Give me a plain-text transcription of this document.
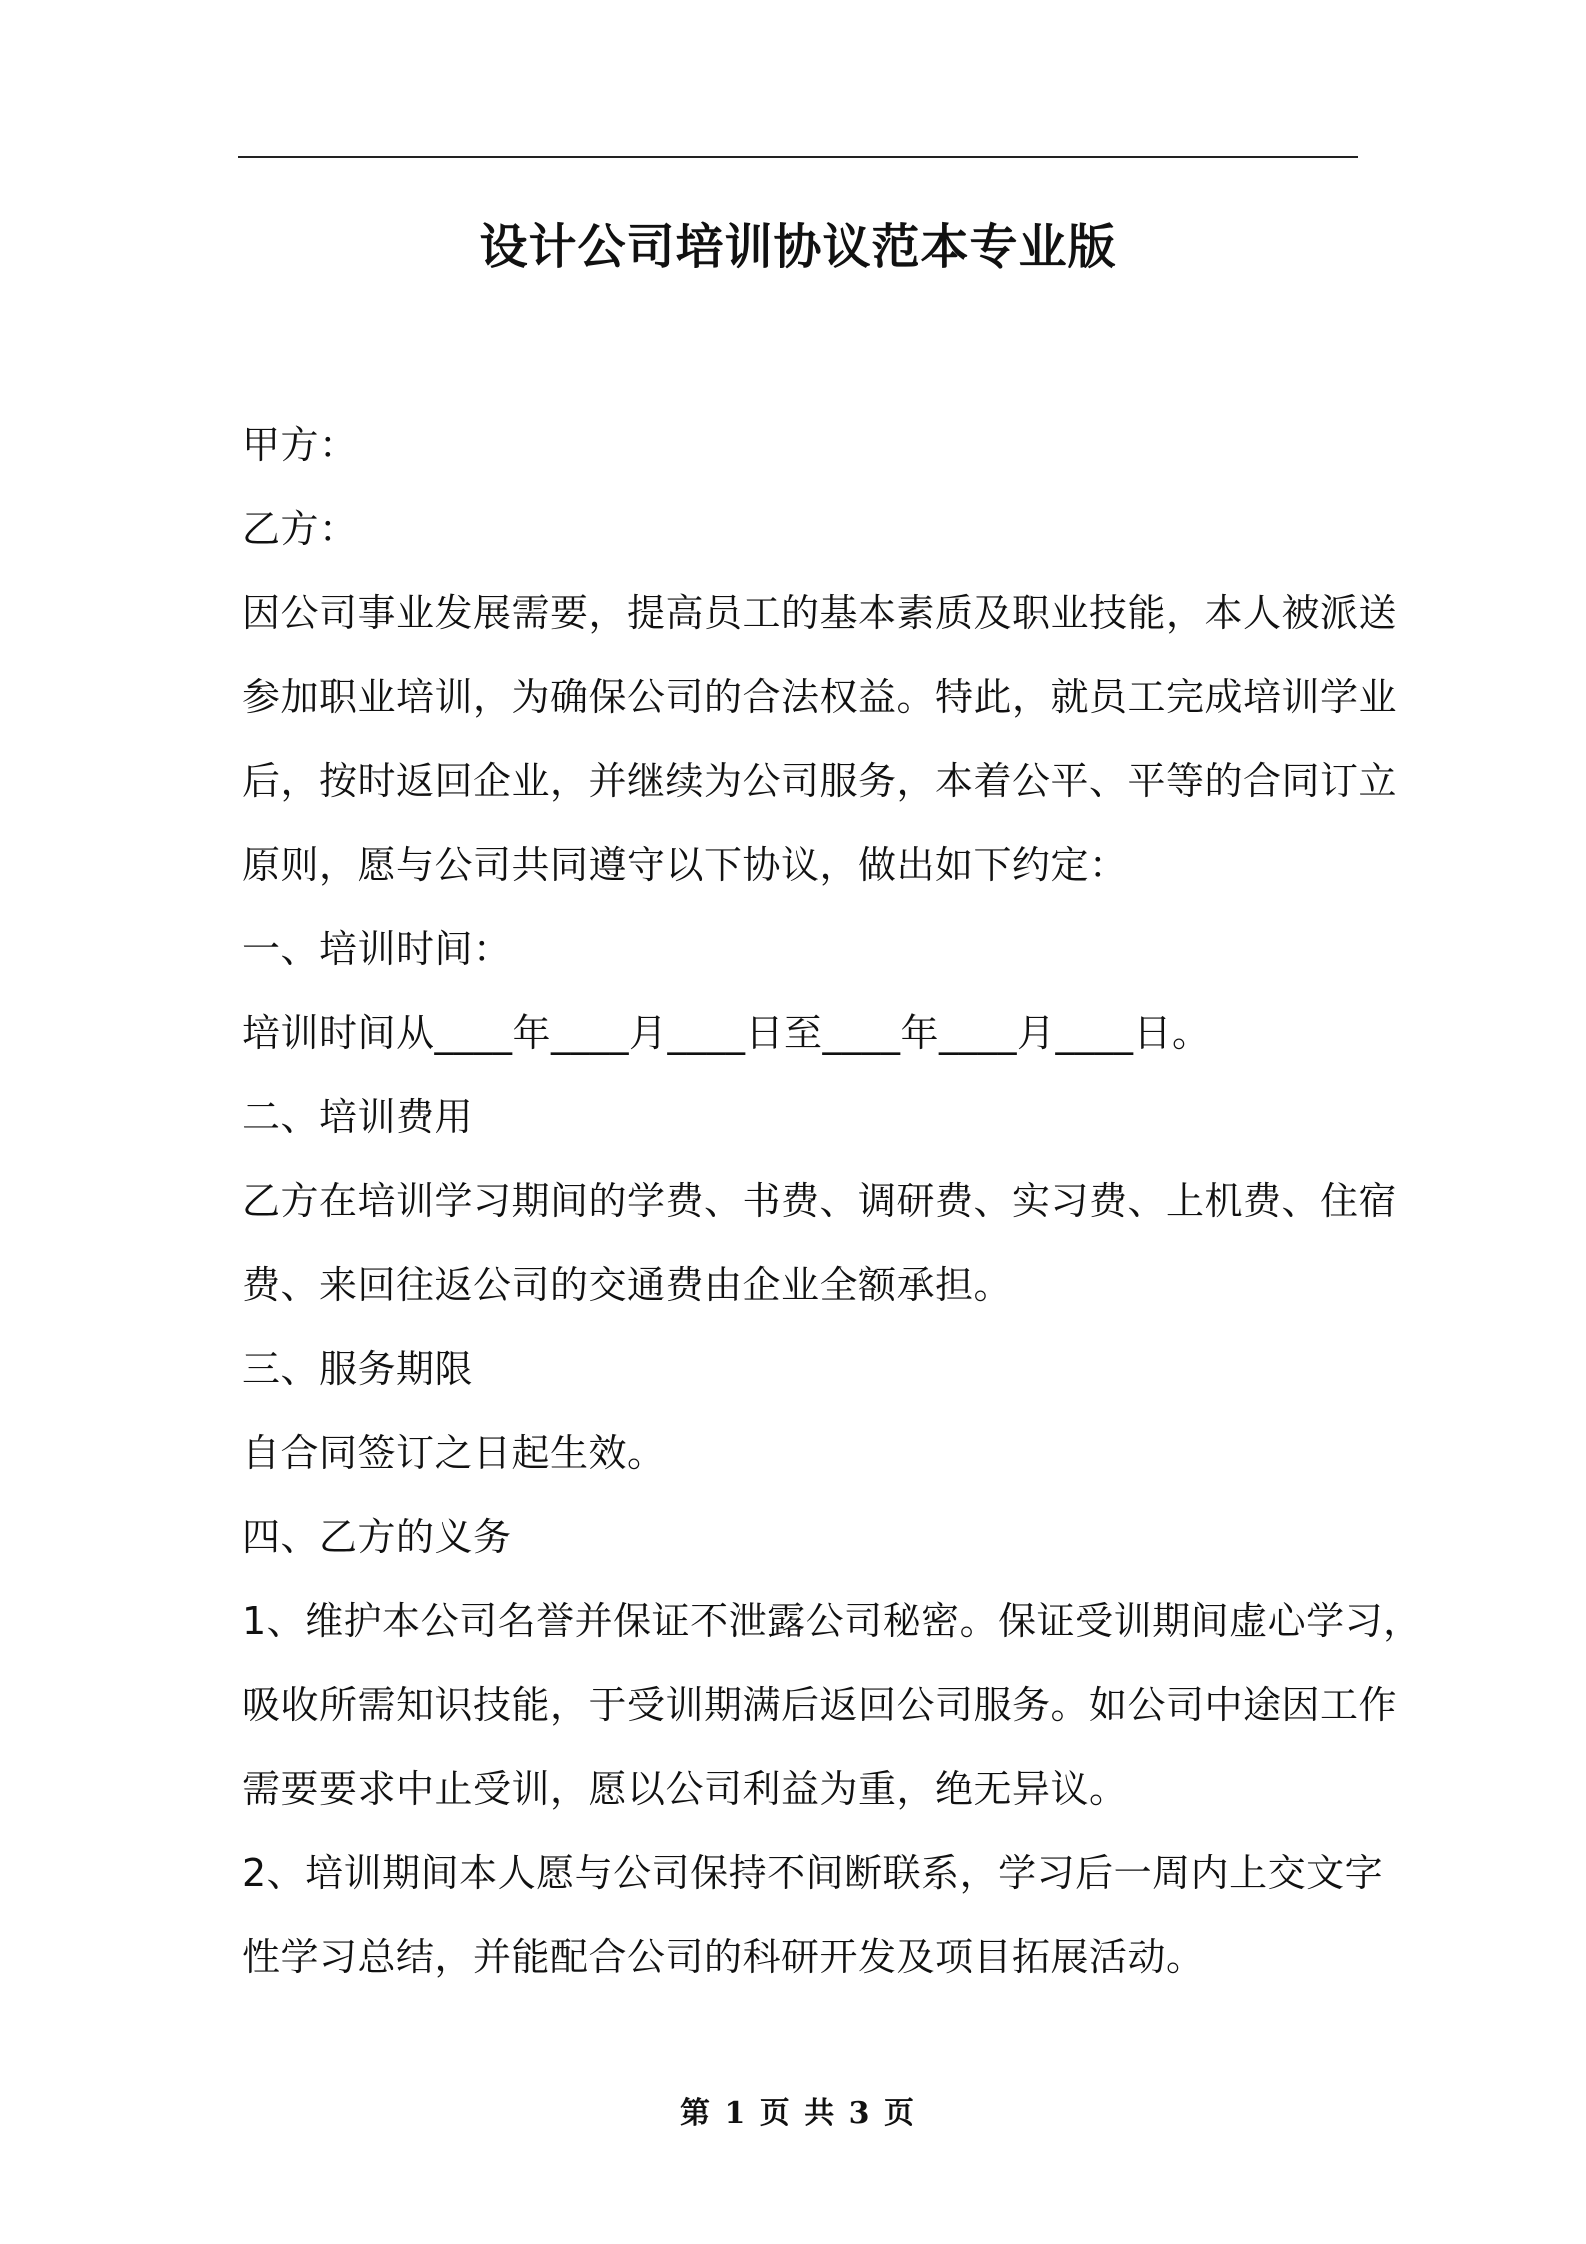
设计公司培训协议范本专业版
甲方：
乙方：
因公司事业发展需要，提高员工的基本素质及职业技能，本人被派送
参加职业培训，为确保公司的合法权益。特此，就员工完成培训学业
后，按时返回企业，并继续为公司服务，本着公平、平等的合同订立
原则，愿与公司共同遵守以下协议，做出如下约定：
一、培训时间：
培训时间从____年____月____日至____年____月____日。
二、培训费用
乙方在培训学习期间的学费、书费、调研费、实习费、上机费、住宿
费、来回往返公司的交通费由企业全额承担。
三、服务期限
自合同签订之日起生效。
四、乙方的义务
1、维护本公司名誉并保证不泄露公司秘密。保证受训期间虚心学习，
吸收所需知识技能，于受训期满后返回公司服务。如公司中途因工作
需要要求中止受训，愿以公司利益为重，绝无异议。
2、培训期间本人愿与公司保持不间断联系，学习后一周内上交文字
性学习总结，并能配合公司的科研开发及项目拓展活动。
第 1 页 共 3 页
